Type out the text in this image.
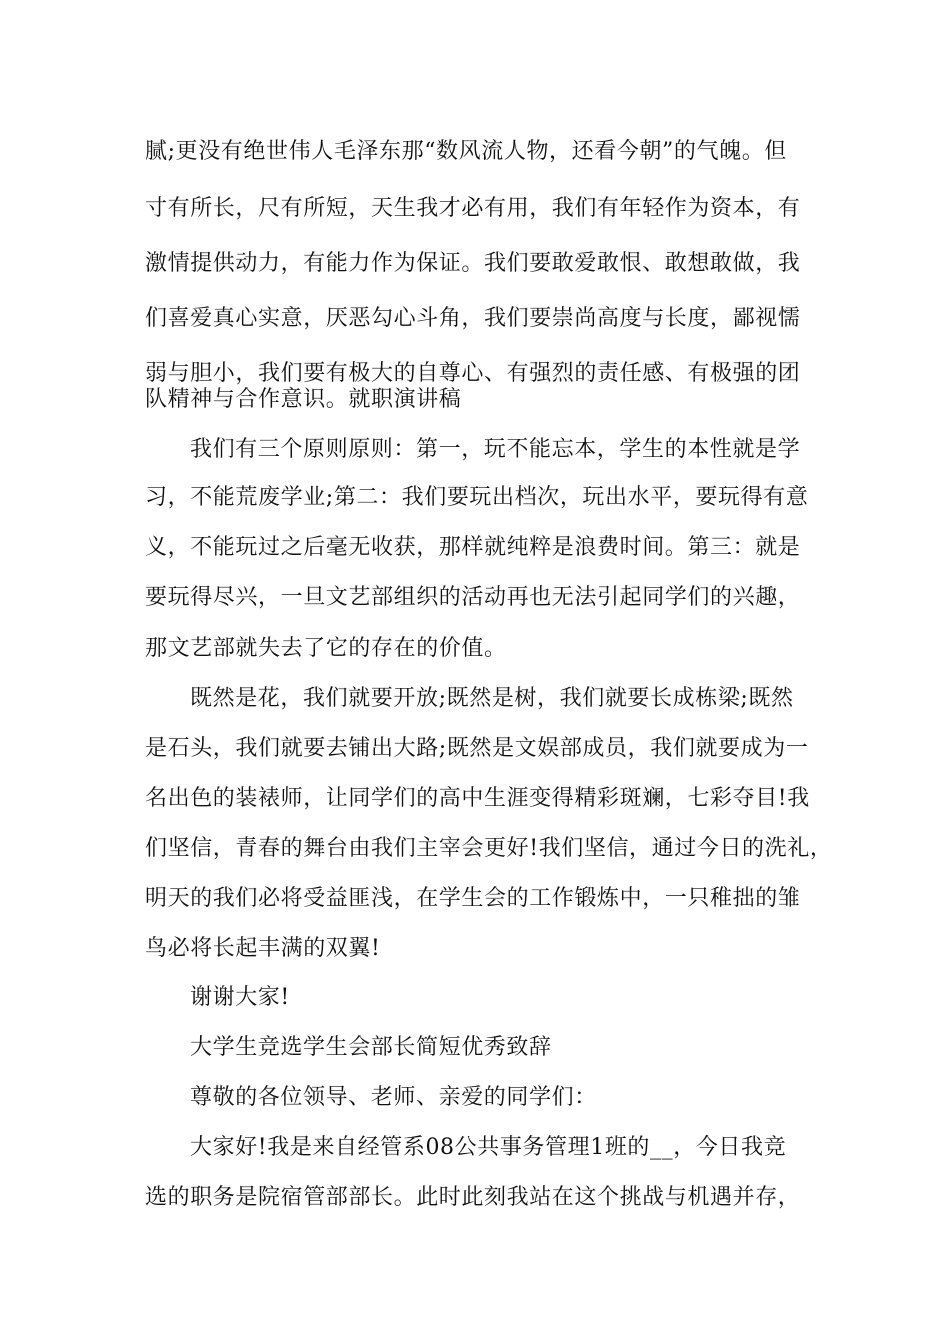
腻;更没有绝世伟人毛泽东那“数风流人物，还看今朝”的气魄。但
寸有所长，尺有所短，天生我才必有用，我们有年轻作为资本，有
激情提供动力，有能力作为保证。我们要敢爱敢恨、敢想敢做，我
们喜爱真心实意，厌恶勾心斗角，我们要崇尚高度与长度，鄙视懦
弱与胆小，我们要有极大的自尊心、有强烈的责任感、有极强的团
队精神与合作意识。就职演讲稿
我们有三个原则原则：第一，玩不能忘本，学生的本性就是学
习，不能荒废学业;第二：我们要玩出档次，玩出水平，要玩得有意
义，不能玩过之后毫无收获，那样就纯粹是浪费时间。第三：就是
要玩得尽兴，一旦文艺部组织的活动再也无法引起同学们的兴趣，
那文艺部就失去了它的存在的价值。
既然是花，我们就要开放;既然是树，我们就要长成栋梁;既然
是石头，我们就要去铺出大路;既然是文娱部成员，我们就要成为一
名出色的装裱师，让同学们的高中生涯变得精彩斑斓，七彩夺目!我
们坚信，青春的舞台由我们主宰会更好!我们坚信，通过今日的洗礼，
明天的我们必将受益匪浅，在学生会的工作锻炼中，一只稚拙的雏
鸟必将长起丰满的双翼!
谢谢大家!
大学生竞选学生会部长简短优秀致辞
尊敬的各位领导、老师、亲爱的同学们：
大家好!我是来自经管系08公共事务管理1班的__，今日我竞
选的职务是院宿管部部长。此时此刻我站在这个挑战与机遇并存，
